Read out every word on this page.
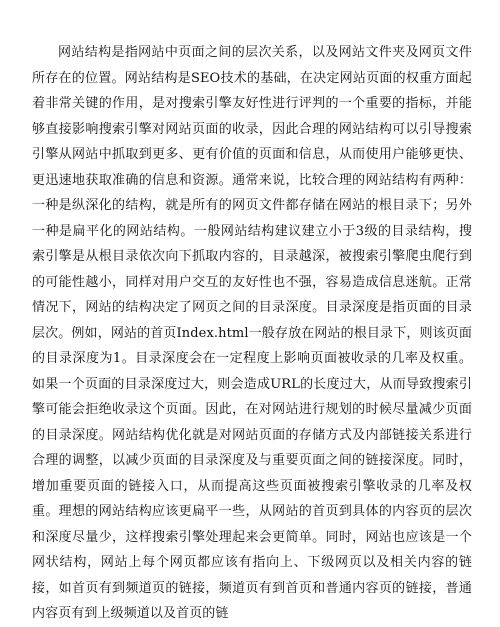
网站结构是指网站中页面之间的层次关系，以及网站文件夹及网页文件所存在的位置。网站结构是SEO技术的基础，在决定网站页面的权重方面起着非常关键的作用，是对搜索引擎友好性进行评判的一个重要的指标，并能够直接影响搜索引擎对网站页面的收录，因此合理的网站结构可以引导搜索引擎从网站中抓取到更多、更有价值的页面和信息，从而使用户能够更快、更迅速地获取准确的信息和资源。通常来说，比较合理的网站结构有两种：一种是纵深化的结构，就是所有的网页文件都存储在网站的根目录下；另外一种是扁平化的网站结构。一般网站结构建议建立小于3级的目录结构，搜索引擎是从根目录依次向下抓取内容的，目录越深，被搜索引擎爬虫爬行到的可能性越小，同样对用户交互的友好性也不强，容易造成信息迷航。正常情况下，网站的结构决定了网页之间的目录深度。目录深度是指页面的目录层次。例如，网站的首页Index.html一般存放在网站的根目录下，则该页面的目录深度为1。目录深度会在一定程度上影响页面被收录的几率及权重。如果一个页面的目录深度过大，则会造成URL的长度过大，从而导致搜索引擎可能会拒绝收录这个页面。因此，在对网站进行规划的时候尽量减少页面的目录深度。网站结构优化就是对网站页面的存储方式及内部链接关系进行合理的调整，以减少页面的目录深度及与重要页面之间的链接深度。同时，增加重要页面的链接入口，从而提高这些页面被搜索引擎收录的几率及权重。理想的网站结构应该更扁平一些，从网站的首页到具体的内容页的层次和深度尽量少，这样搜索引擎处理起来会更简单。同时，网站也应该是一个网状结构，网站上每个网页都应该有指向上、下级网页以及相关内容的链接，如首页有到频道页的链接，频道页有到首页和普通内容页的链接，普通内容页有到上级频道以及首页的链
